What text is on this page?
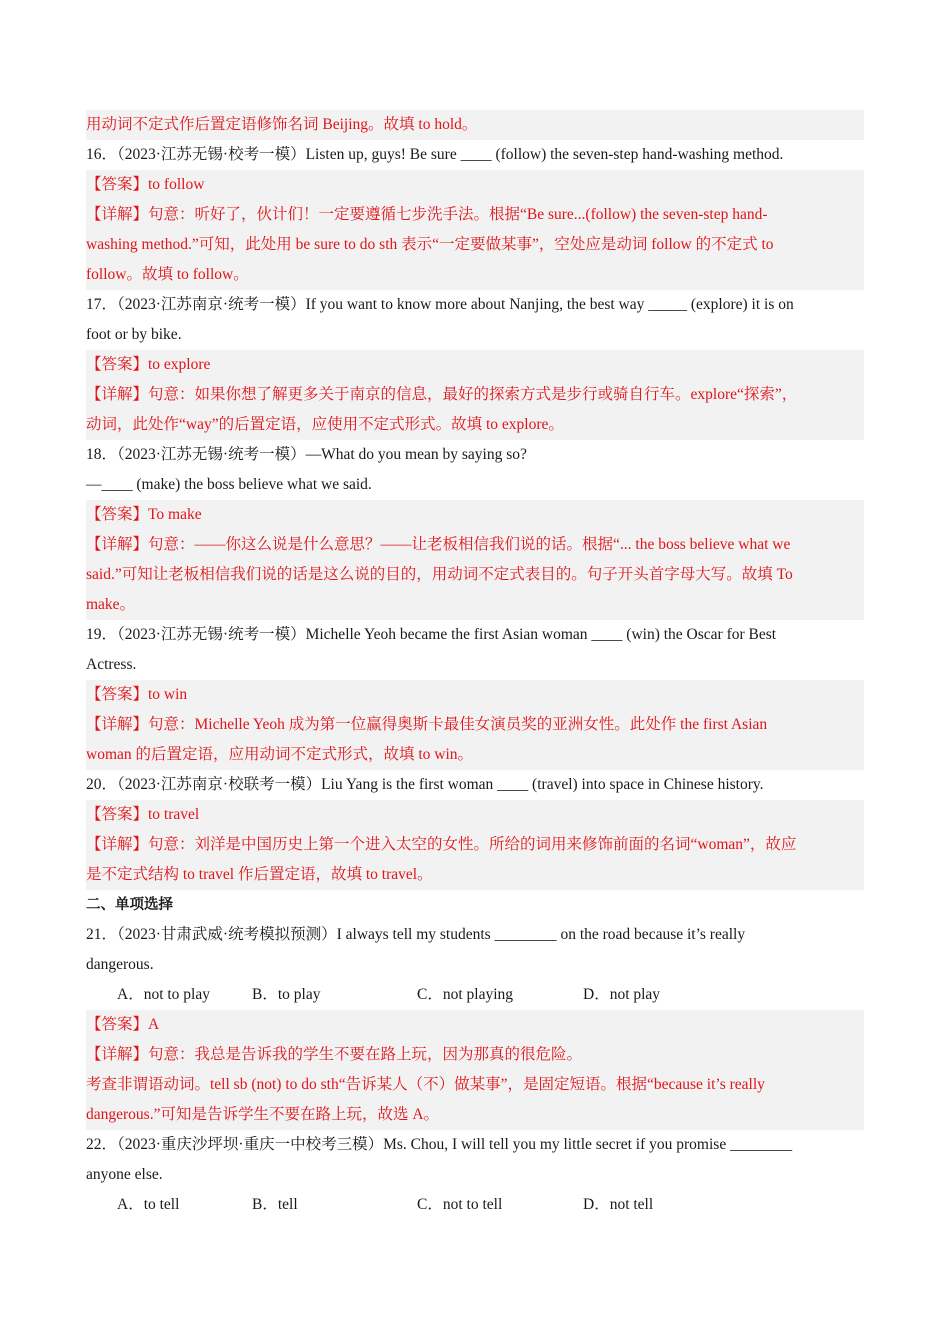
用动词不定式作后置定语修饰名词 Beijing。故填 to hold。

16．（2023·江苏无锡·校考一模）Listen up, guys! Be sure ____ (follow) the seven-step hand-washing method.

【答案】to follow

【详解】句意：听好了，伙计们！一定要遵循七步洗手法。根据“Be sure...(follow) the seven-step hand-

washing method.”可知，此处用 be sure to do sth 表示“一定要做某事”，空处应是动词 follow 的不定式 to

follow。故填 to follow。

17．（2023·江苏南京·统考一模）If you want to know more about Nanjing, the best way _____ (explore) it is on
foot or by bike.

【答案】to explore

【详解】句意：如果你想了解更多关于南京的信息，最好的探索方式是步行或骑自行车。explore“探索”，

动词，此处作“way”的后置定语，应使用不定式形式。故填 to explore。

18．（2023·江苏无锡·统考一模）—What do you mean by saying so?
—____ (make) the boss believe what we said.

【答案】To make

【详解】句意：——你这么说是什么意思？——让老板相信我们说的话。根据“... the boss believe what we

said.”可知让老板相信我们说的话是这么说的目的，用动词不定式表目的。句子开头首字母大写。故填 To

make。

19．（2023·江苏无锡·统考一模）Michelle Yeoh became the first Asian woman ____ (win) the Oscar for Best
Actress.

【答案】to win

【详解】句意：Michelle Yeoh 成为第一位赢得奥斯卡最佳女演员奖的亚洲女性。此处作 the first Asian

woman 的后置定语，应用动词不定式形式，故填 to win。

20．（2023·江苏南京·校联考一模）Liu Yang is the first woman ____ (travel) into space in Chinese history.

【答案】to travel

【详解】句意：刘洋是中国历史上第一个进入太空的女性。所给的词用来修饰前面的名词“woman”，故应

是不定式结构 to travel 作后置定语，故填 to travel。

二、单项选择
21．（2023·甘肃武威·统考模拟预测）I always tell my students ________ on the road because it’s really
dangerous.
A．not to play	B．to play	C．not playing	D．not play

【答案】A

【详解】句意：我总是告诉我的学生不要在路上玩，因为那真的很危险。

考查非谓语动词。tell sb (not) to do sth“告诉某人（不）做某事”，是固定短语。根据“because it’s really

dangerous.”可知是告诉学生不要在路上玩，故选 A。

22．（2023·重庆沙坪坝·重庆一中校考三模）Ms. Chou, I will tell you my little secret if you promise ________
anyone else.
A．to tell	B．tell	C．not to tell	D．not tell
